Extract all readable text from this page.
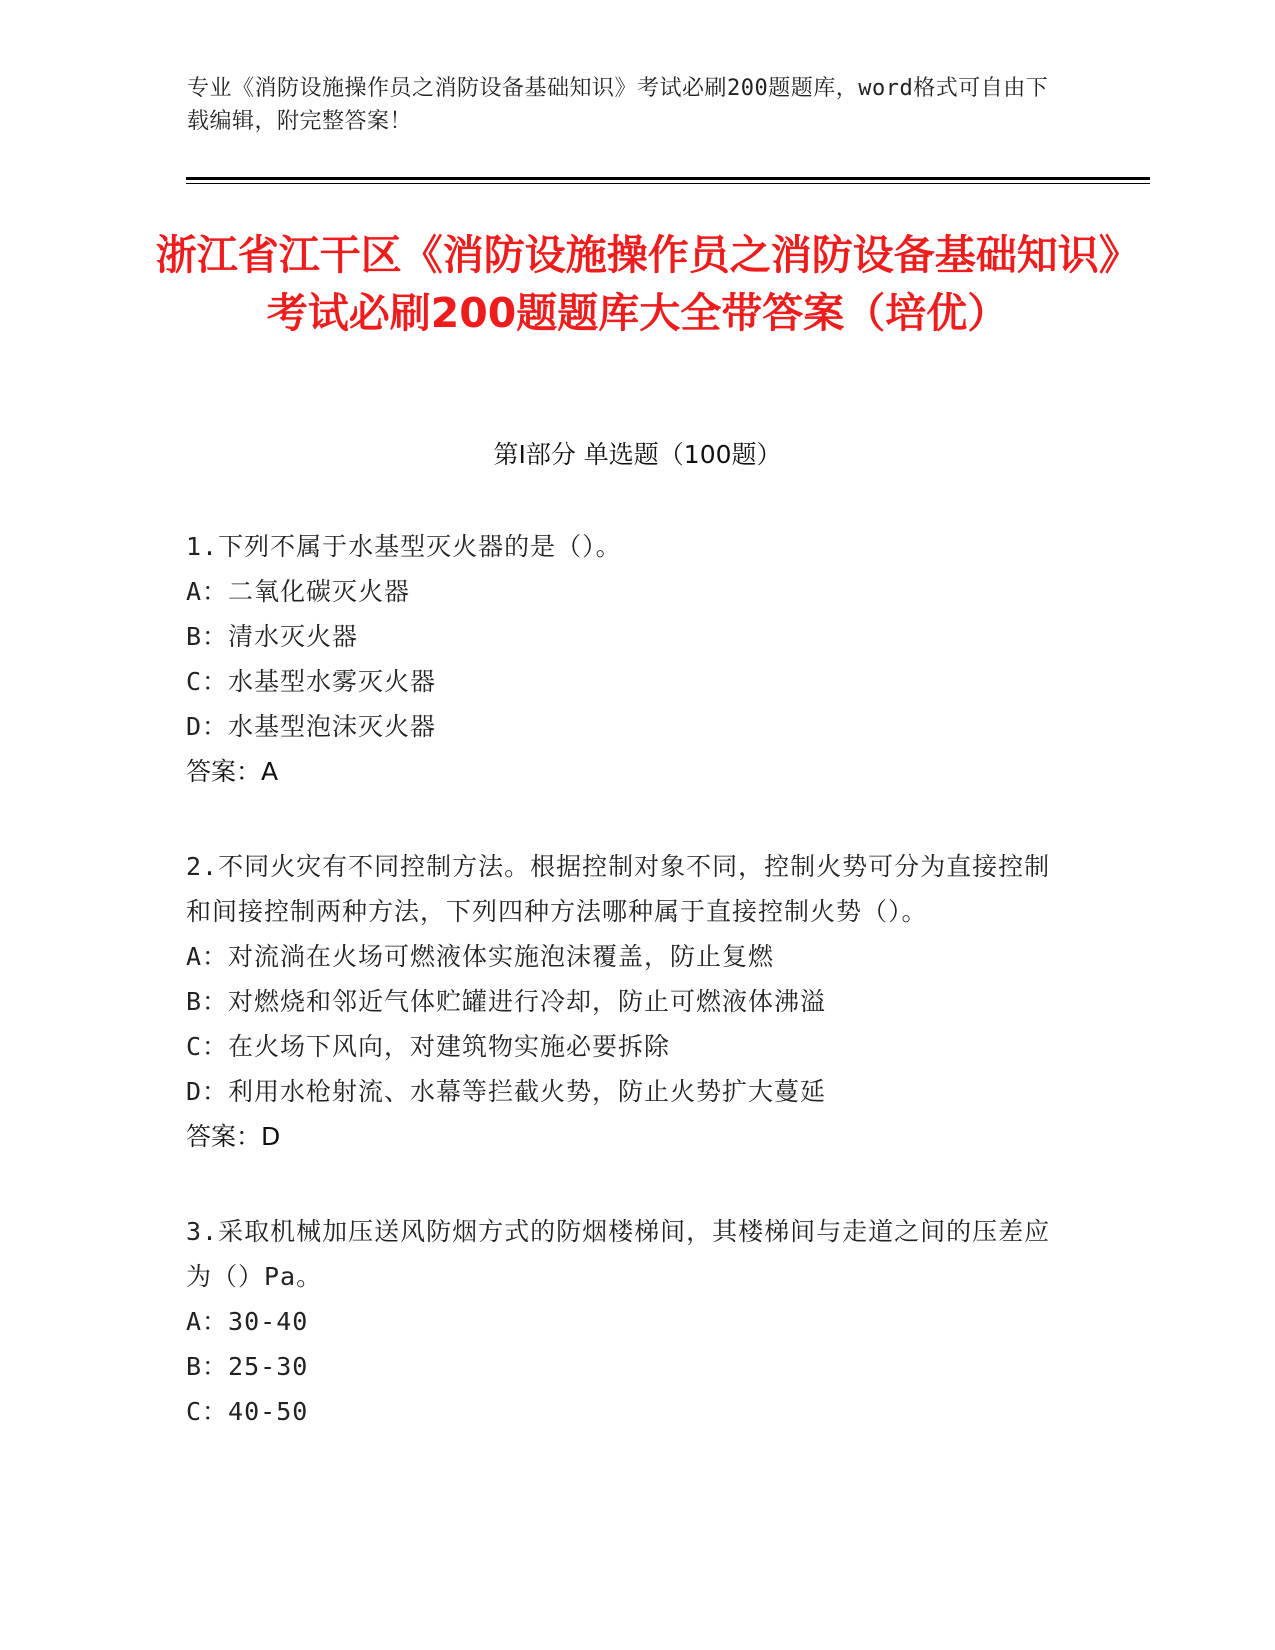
专业《消防设施操作员之消防设备基础知识》考试必刷200题题库，word格式可自由下载编辑，附完整答案！
浙江省江干区《消防设施操作员之消防设备基础知识》考试必刷200题题库大全带答案（培优）
第I部分 单选题（100题）
1.下列不属于水基型灭火器的是（）。
A：二氧化碳灭火器
B：清水灭火器
C：水基型水雾灭火器
D：水基型泡沫灭火器
答案：A
2.不同火灾有不同控制方法。根据控制对象不同，控制火势可分为直接控制和间接控制两种方法，下列四种方法哪种属于直接控制火势（）。
A：对流淌在火场可燃液体实施泡沫覆盖，防止复燃
B：对燃烧和邻近气体贮罐进行冷却，防止可燃液体沸溢
C：在火场下风向，对建筑物实施必要拆除
D：利用水枪射流、水幕等拦截火势，防止火势扩大蔓延
答案：D
3.采取机械加压送风防烟方式的防烟楼梯间，其楼梯间与走道之间的压差应为（）Pa。
A：30-40
B：25-30
C：40-50
